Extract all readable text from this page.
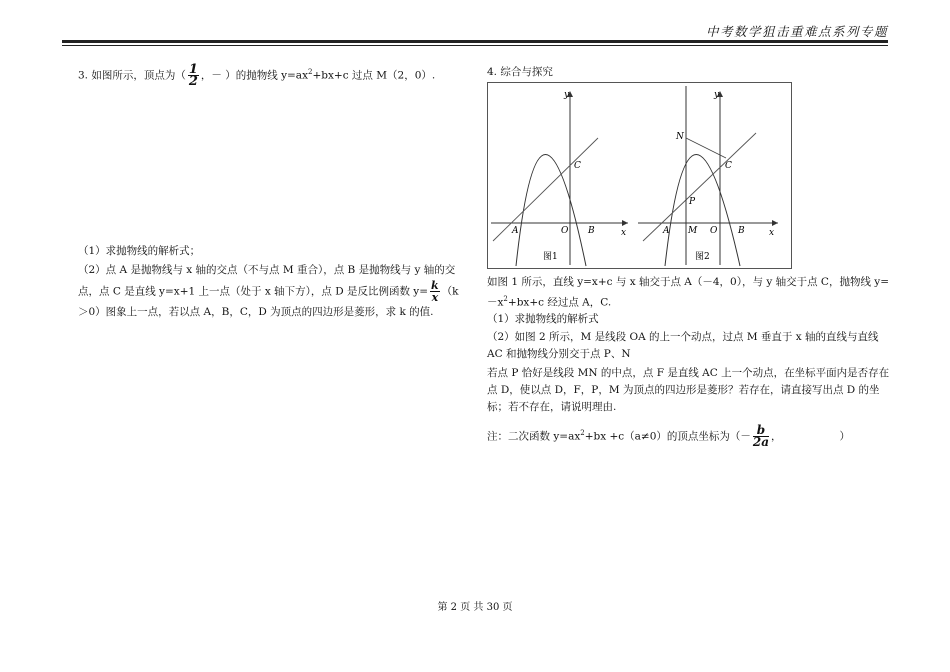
中考数学狙击重难点系列专题
3. 如图所示，顶点为（ $\frac{1}{2}$ ，－ ）的抛物线 $y=ax^2+bx+c$ 过点 M（2，0）.
（1）求抛物线的解析式；
（2）点 A 是抛物线与 x 轴的交点（不与点 M 重合），点 B 是抛物线与 y 轴的交点，点 C 是直线 y=x+1 上一点（处于 x 轴下方），点 D 是反比例函数 $y= \frac{k}{x} (k>0)$图象上一点，若以点 A，B，C，D 为顶点的四边形是菱形，求 k 的值.
4. 综合与探究
y
x
A	O B
C
图1
y
x
A M O B
C
N
P
图2
如图 1 所示，直线 y=x+c 与 x 轴交于点 A（－4，0），与 y 轴交于点 C，抛物线 $y=-x^2+bx+c$ 经过点 A，C.
（1）求抛物线的解析式
（2）如图 2 所示，M 是线段 OA 的上一个动点，过点 M 垂直于 x 轴的直线与直线 AC 和抛物线分别交于点 P、N
若点 P 恰好是线段 MN 的中点，点 F 是直线 AC 上一个动点，在坐标平面内是否存在点 D，使以点 D，F，P，M 为顶点的四边形是菱形？若存在，请直接写出点 D 的坐标；若不存在，请说明理由.
注：二次函数 $y=ax^2+bx +c(a\ne 0)$的顶点坐标为（－ $\frac{b}{2a}$ ，	）
第 2 页 共 30 页
